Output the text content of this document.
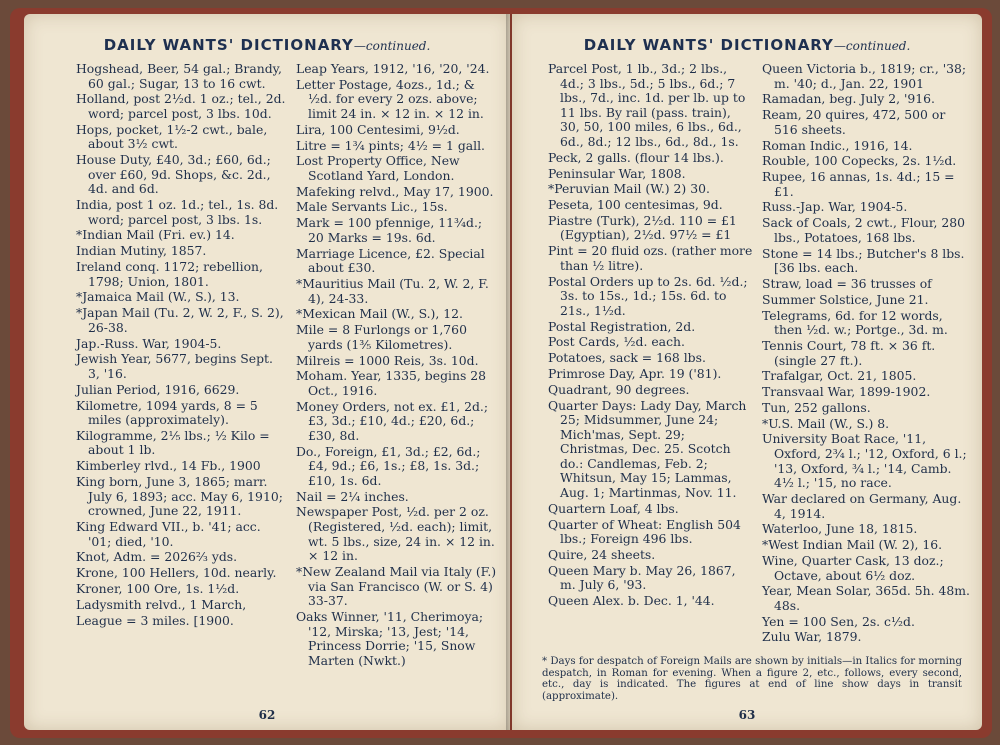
DAILY WANTS' DICTIONARY—continued.
Hogshead, Beer, 54 gal.; Brandy, 60 gal.; Sugar, 13 to 16 cwt.
Holland, post 2½d. 1 oz.; tel., 2d. word; parcel post, 3 lbs. 10d.
Hops, pocket, 1½-2 cwt., bale, about 3½ cwt.
House Duty, £40, 3d.; £60, 6d.; over £60, 9d. Shops, &c. 2d., 4d. and 6d.
India, post 1 oz. 1d.; tel., 1s. 8d. word; parcel post, 3 lbs. 1s.
*Indian Mail (Fri. ev.) 14.
Indian Mutiny, 1857.
Ireland conq. 1172; rebellion, 1798; Union, 1801.
*Jamaica Mail (W., S.), 13.
*Japan Mail (Tu. 2, W. 2, F., S. 2), 26-38.
Jap.-Russ. War, 1904-5.
Jewish Year, 5677, begins Sept. 3, '16.
Julian Period, 1916, 6629.
Kilometre, 1094 yards, 8 = 5 miles (approximately).
Kilogramme, 2⅕ lbs.; ½ Kilo = about 1 lb.
Kimberley rlvd., 14 Fb., 1900
King born, June 3, 1865; marr. July 6, 1893; acc. May 6, 1910; crowned, June 22, 1911.
King Edward VII., b. '41; acc. '01; died, '10.
Knot, Adm. = 2026⅔ yds.
Krone, 100 Hellers, 10d. nearly.
Kroner, 100 Ore, 1s. 1½d.
Ladysmith relvd., 1 March,
League = 3 miles. [1900.
Leap Years, 1912, '16, '20, '24.
Letter Postage, 4ozs., 1d.; & ½d. for every 2 ozs. above; limit 24 in. × 12 in. × 12 in.
Lira, 100 Centesimi, 9½d.
Litre = 1¾ pints; 4½ = 1 gall.
Lost Property Office, New Scotland Yard, London.
Mafeking relvd., May 17, 1900.
Male Servants Lic., 15s.
Mark = 100 pfennige, 11¾d.; 20 Marks = 19s. 6d.
Marriage Licence, £2. Special about £30.
*Mauritius Mail (Tu. 2, W. 2, F. 4), 24-33.
*Mexican Mail (W., S.), 12.
Mile = 8 Furlongs or 1,760 yards (1⅗ Kilometres).
Milreis = 1000 Reis, 3s. 10d.
Moham. Year, 1335, begins 28 Oct., 1916.
Money Orders, not ex. £1, 2d.; £3, 3d.; £10, 4d.; £20, 6d.; £30, 8d.
Do., Foreign, £1, 3d.; £2, 6d.; £4, 9d.; £6, 1s.; £8, 1s. 3d.; £10, 1s. 6d.
Nail = 2¼ inches.
Newspaper Post, ½d. per 2 oz. (Registered, ½d. each); limit, wt. 5 lbs., size, 24 in. × 12 in. × 12 in.
*New Zealand Mail via Italy (F.) via San Francisco (W. or S. 4) 33-37.
Oaks Winner, '11, Cherimoya; '12, Mirska; '13, Jest; '14, Princess Dorrie; '15, Snow Marten (Nwkt.)
62
DAILY WANTS' DICTIONARY—continued.
Parcel Post, 1 lb., 3d.; 2 lbs., 4d.; 3 lbs., 5d.; 5 lbs., 6d.; 7 lbs., 7d., inc. 1d. per lb. up to 11 lbs. By rail (pass. train), 30, 50, 100 miles, 6 lbs., 6d., 6d., 8d.; 12 lbs., 6d., 8d., 1s.
Peck, 2 galls. (flour 14 lbs.).
Peninsular War, 1808.
*Peruvian Mail (W.) 2) 30.
Peseta, 100 centesimas, 9d.
Piastre (Turk), 2½d. 110 = £1 (Egyptian), 2½d. 97½ = £1
Pint = 20 fluid ozs. (rather more than ½ litre).
Postal Orders up to 2s. 6d. ½d.; 3s. to 15s., 1d.; 15s. 6d. to 21s., 1½d.
Postal Registration, 2d.
Post Cards, ½d. each.
Potatoes, sack = 168 lbs.
Primrose Day, Apr. 19 ('81).
Quadrant, 90 degrees.
Quarter Days: Lady Day, March 25; Midsummer, June 24; Mich'mas, Sept. 29; Christmas, Dec. 25. Scotch do.: Candlemas, Feb. 2; Whitsun, May 15; Lammas, Aug. 1; Martinmas, Nov. 11.
Quartern Loaf, 4 lbs.
Quarter of Wheat: English 504 lbs.; Foreign 496 lbs.
Quire, 24 sheets.
Queen Mary b. May 26, 1867, m. July 6, '93.
Queen Alex. b. Dec. 1, '44.
Queen Victoria b., 1819; cr., '38; m. '40; d., Jan. 22, 1901
Ramadan, beg. July 2, '916.
Ream, 20 quires, 472, 500 or 516 sheets.
Roman Indic., 1916, 14.
Rouble, 100 Copecks, 2s. 1½d.
Rupee, 16 annas, 1s. 4d.; 15 = £1.
Russ.-Jap. War, 1904-5.
Sack of Coals, 2 cwt., Flour, 280 lbs., Potatoes, 168 lbs.
Stone = 14 lbs.; Butcher's 8 lbs. [36 lbs. each.
Straw, load = 36 trusses of
Summer Solstice, June 21.
Telegrams, 6d. for 12 words, then ½d. w.; Portge., 3d. m.
Tennis Court, 78 ft. × 36 ft. (single 27 ft.).
Trafalgar, Oct. 21, 1805.
Transvaal War, 1899-1902.
Tun, 252 gallons.
*U.S. Mail (W., S.) 8.
University Boat Race, '11, Oxford, 2¾ l.; '12, Oxford, 6 l.; '13, Oxford, ¾ l.; '14, Camb. 4½ l.; '15, no race.
War declared on Germany, Aug. 4, 1914.
Waterloo, June 18, 1815.
*West Indian Mail (W. 2), 16.
Wine, Quarter Cask, 13 doz.; Octave, about 6½ doz.
Year, Mean Solar, 365d. 5h. 48m. 48s.
Yen = 100 Sen, 2s. c½d.
Zulu War, 1879.
* Days for despatch of Foreign Mails are shown by initials—in Italics for morning despatch, in Roman for evening. When a figure 2, etc., follows, every second, etc., day is indicated. The figures at end of line show days in transit (approximate).
63
